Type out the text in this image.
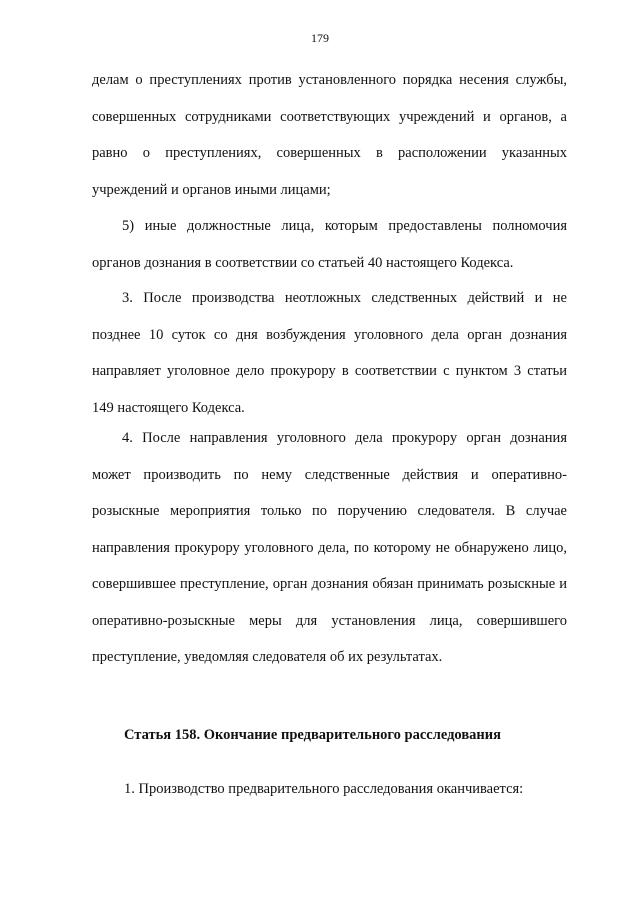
179

делам о преступлениях против установленного порядка несения службы, совершенных сотрудниками соответствующих учреждений и органов, а равно о преступлениях, совершенных в расположении указанных учреждений и органов иными лицами;

5) иные должностные лица, которым предоставлены полномочия органов дознания в соответствии со статьей 40 настоящего Кодекса.

3. После производства неотложных следственных действий и не позднее 10 суток со дня возбуждения уголовного дела орган дознания направляет уголовное дело прокурору в соответствии с пунктом 3 статьи 149 настоящего Кодекса.

4. После направления уголовного дела прокурору орган дознания может производить по нему следственные действия и оперативно-розыскные мероприятия только по поручению следователя. В случае направления прокурору уголовного дела, по которому не обнаружено лицо, совершившее преступление, орган дознания обязан принимать розыскные и оперативно-розыскные меры для установления лица, совершившего преступление, уведомляя следователя об их результатах.

Статья 158. Окончание предварительного расследования

1. Производство предварительного расследования оканчивается:
